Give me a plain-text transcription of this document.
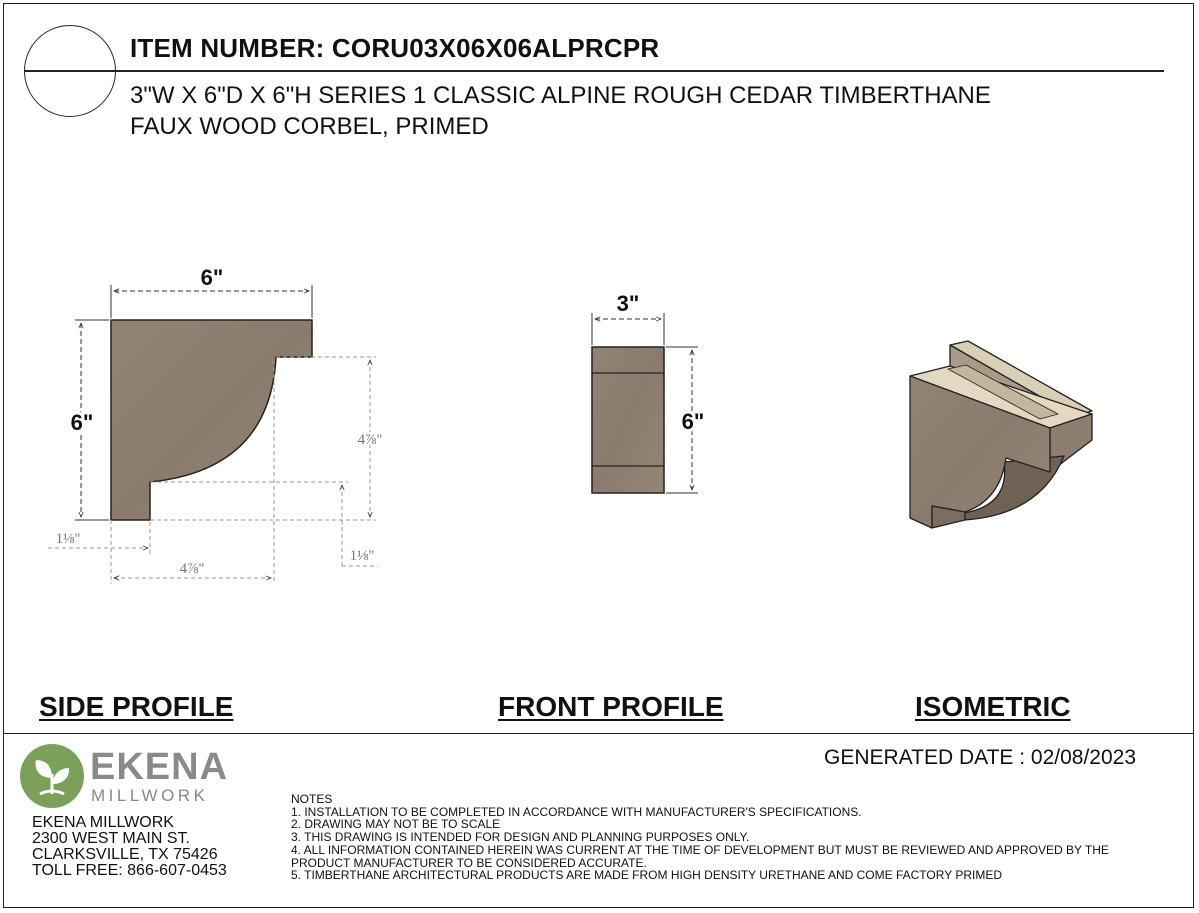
ITEM NUMBER: CORU03X06X06ALPRCPR
3"W X 6"D X 6"H SERIES 1 CLASSIC ALPINE ROUGH CEDAR TIMBERTHANE
FAUX WOOD CORBEL, PRIMED
6"
6"
4⅞"
4⅞"
1⅛"
1⅛"
3"
6"
SIDE PROFILE	FRONT PROFILE	ISOMETRIC
GENERATED DATE : 02/08/2023
EKENA
MILLWORK
EKENA MILLWORK
2300 WEST MAIN ST.
CLARKSVILLE, TX 75426
TOLL FREE: 866-607-0453
NOTES
1. INSTALLATION TO BE COMPLETED IN ACCORDANCE WITH MANUFACTURER'S SPECIFICATIONS.
2. DRAWING MAY NOT BE TO SCALE
3. THIS DRAWING IS INTENDED FOR DESIGN AND PLANNING PURPOSES ONLY.
4. ALL INFORMATION CONTAINED HEREIN WAS CURRENT AT THE TIME OF DEVELOPMENT BUT MUST BE REVIEWED AND APPROVED BY THE
PRODUCT MANUFACTURER TO BE CONSIDERED ACCURATE.
5. TIMBERTHANE ARCHITECTURAL PRODUCTS ARE MADE FROM HIGH DENSITY URETHANE AND COME FACTORY PRIMED
